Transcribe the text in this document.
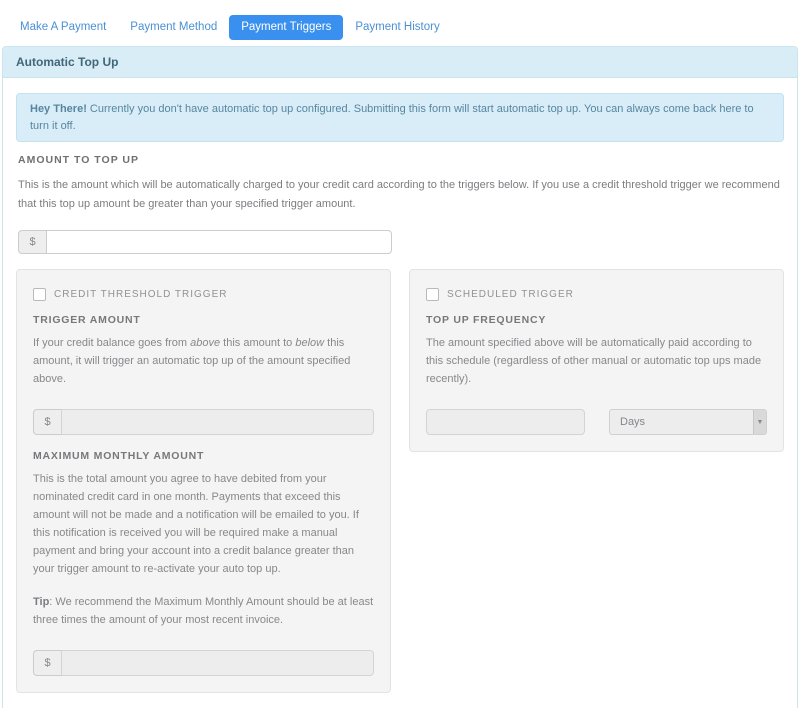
Make A Payment	Payment Method	Payment Triggers	Payment History
Automatic Top Up
Hey There! Currently you don't have automatic top up configured. Submitting this form will start automatic top up. You can always come back here to turn it off.
AMOUNT TO TOP UP

This is the amount which will be automatically charged to your credit card according to the triggers below. If you use a credit threshold trigger we recommend that this top up amount be greater than your specified trigger amount.

$
CREDIT THRESHOLD TRIGGER
TRIGGER AMOUNT

If your credit balance goes from above this amount to below this amount, it will trigger an automatic top up of the amount specified above.

$
MAXIMUM MONTHLY AMOUNT

This is the total amount you agree to have debited from your nominated credit card in one month. Payments that exceed this amount will not be made and a notification will be emailed to you. If this notification is received you will be required make a manual payment and bring your account into a credit balance greater than your trigger amount to re-activate your auto top up.

Tip: We recommend the Maximum Monthly Amount should be at least three times the amount of your most recent invoice.

$
SCHEDULED TRIGGER
TOP UP FREQUENCY

The amount specified above will be automatically paid according to this schedule (regardless of other manual or automatic top ups made recently).

Days	▼
